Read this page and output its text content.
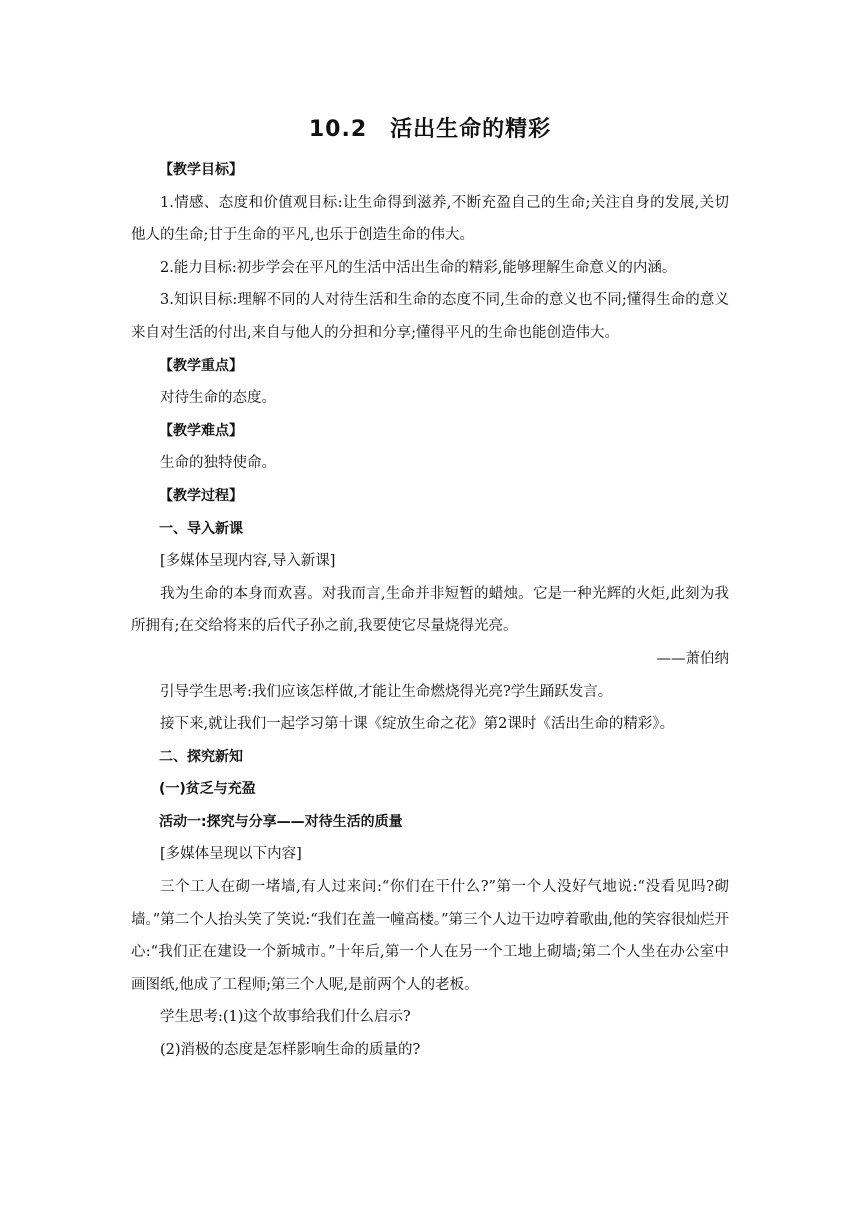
10.2　活出生命的精彩

【教学目标】

1.情感、态度和价值观目标:让生命得到滋养,不断充盈自己的生命;关注自身的发展,关切他人的生命;甘于生命的平凡,也乐于创造生命的伟大。

2.能力目标:初步学会在平凡的生活中活出生命的精彩,能够理解生命意义的内涵。

3.知识目标:理解不同的人对待生活和生命的态度不同,生命的意义也不同;懂得生命的意义来自对生活的付出,来自与他人的分担和分享;懂得平凡的生命也能创造伟大。

【教学重点】

对待生命的态度。

【教学难点】

生命的独特使命。

【教学过程】

一、导入新课

[多媒体呈现内容,导入新课]

我为生命的本身而欢喜。对我而言,生命并非短暂的蜡烛。它是一种光辉的火炬,此刻为我所拥有;在交给将来的后代子孙之前,我要使它尽量烧得光亮。

——萧伯纳

引导学生思考:我们应该怎样做,才能让生命燃烧得光亮?学生踊跃发言。

接下来,就让我们一起学习第十课《绽放生命之花》第2课时《活出生命的精彩》。

二、探究新知

(一)贫乏与充盈

活动一:探究与分享——对待生活的质量

[多媒体呈现以下内容]

三个工人在砌一堵墙,有人过来问:“你们在干什么?”第一个人没好气地说:“没看见吗?砌墙。”第二个人抬头笑了笑说:“我们在盖一幢高楼。”第三个人边干边哼着歌曲,他的笑容很灿烂开心:“我们正在建设一个新城市。”十年后,第一个人在另一个工地上砌墙;第二个人坐在办公室中画图纸,他成了工程师;第三个人呢,是前两个人的老板。

学生思考:(1)这个故事给我们什么启示?

(2)消极的态度是怎样影响生命的质量的?
